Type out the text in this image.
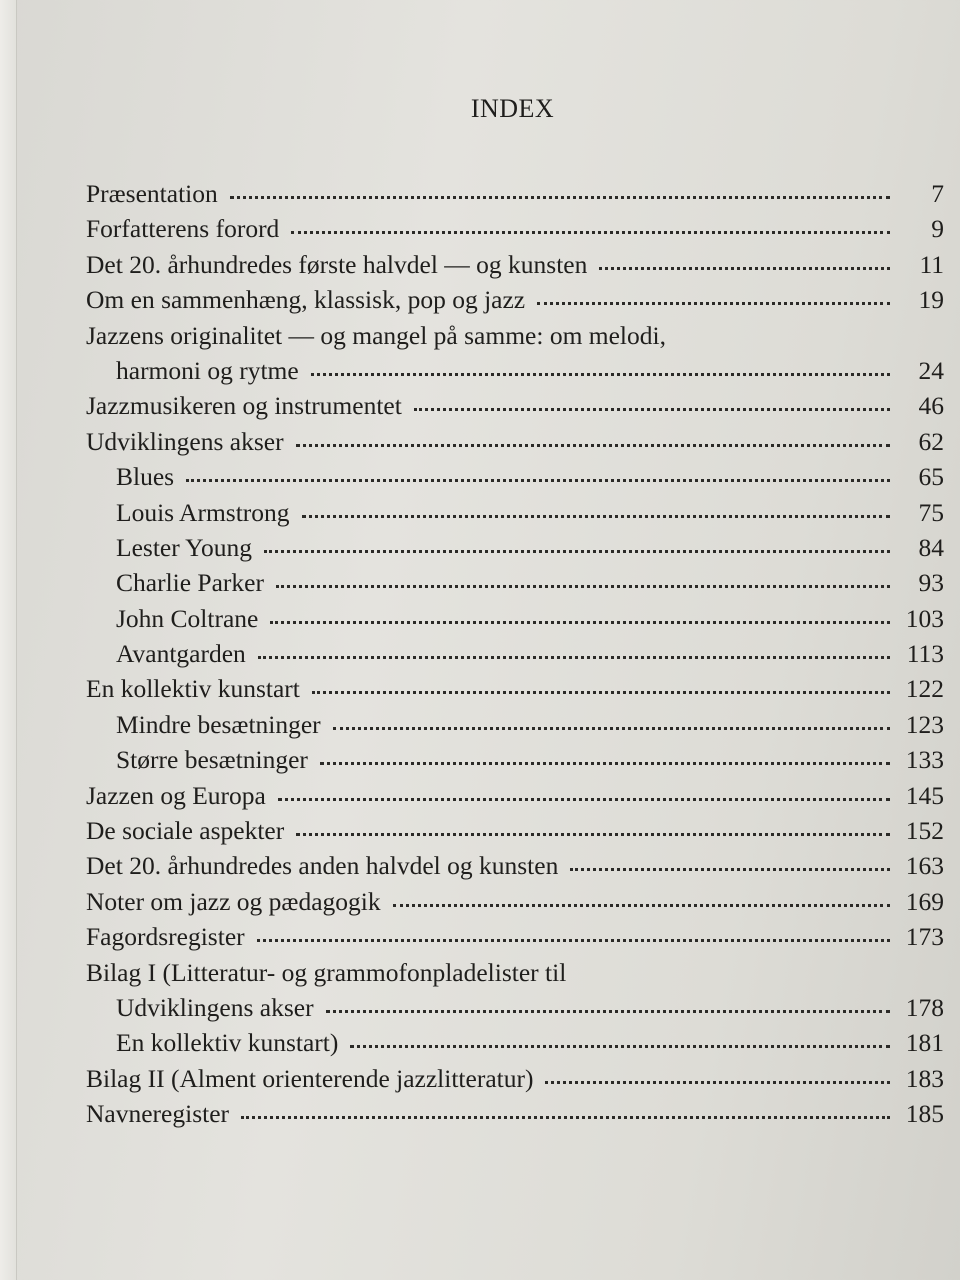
INDEX
Præsentation	7
Forfatterens forord	9
Det 20. århundredes første halvdel — og kunsten	11
Om en sammenhæng, klassisk, pop og jazz	19
Jazzens originalitet — og mangel på samme: om melodi,
harmoni og rytme	24
Jazzmusikeren og instrumentet	46
Udviklingens akser	62
Blues	65
Louis Armstrong	75
Lester Young	84
Charlie Parker	93
John Coltrane	103
Avantgarden	113
En kollektiv kunstart	122
Mindre besætninger	123
Større besætninger	133
Jazzen og Europa	145
De sociale aspekter	152
Det 20. århundredes anden halvdel og kunsten	163
Noter om jazz og pædagogik	169
Fagordsregister	173
Bilag I (Litteratur- og grammofonpladelister til
Udviklingens akser	178
En kollektiv kunstart)	181
Bilag II (Alment orienterende jazzlitteratur)	183
Navneregister	185
